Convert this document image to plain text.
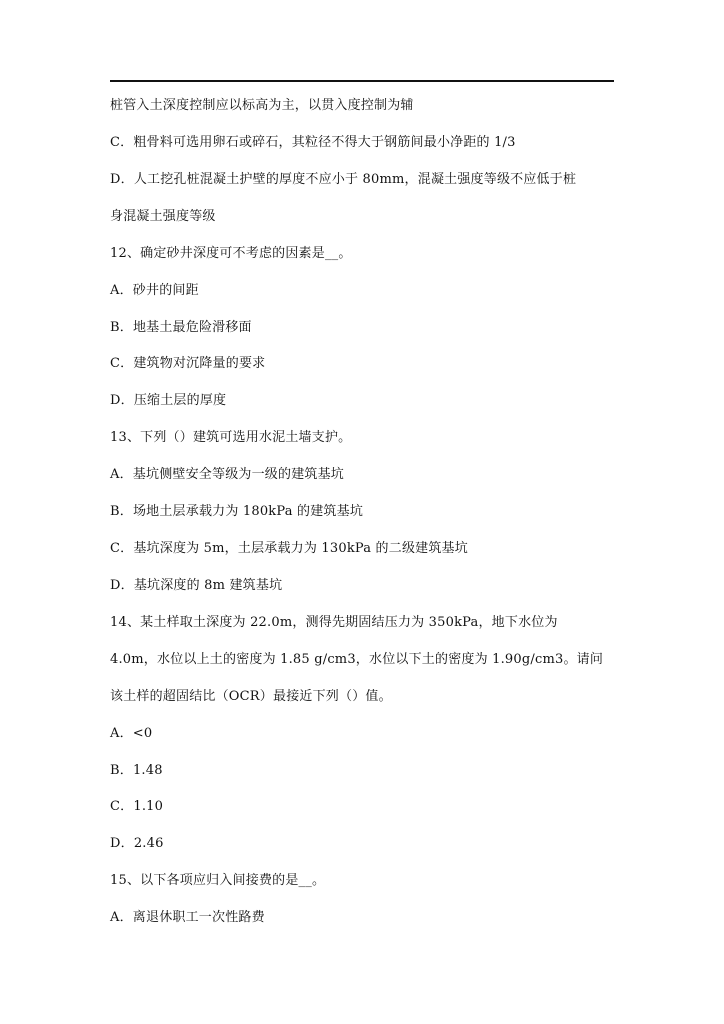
桩管入土深度控制应以标高为主，以贯入度控制为辅
C．粗骨料可选用卵石或碎石，其粒径不得大于钢筋间最小净距的 1/3
D．人工挖孔桩混凝土护壁的厚度不应小于 80mm，混凝土强度等级不应低于桩
身混凝土强度等级
12、确定砂井深度可不考虑的因素是__。
A．砂井的间距
B．地基土最危险滑移面
C．建筑物对沉降量的要求
D．压缩土层的厚度
13、下列（）建筑可选用水泥土墙支护。
A．基坑侧壁安全等级为一级的建筑基坑
B．场地土层承载力为 180kPa 的建筑基坑
C．基坑深度为 5m，土层承载力为 130kPa 的二级建筑基坑
D．基坑深度的 8m 建筑基坑
14、某土样取土深度为 22.0m，测得先期固结压力为 350kPa，地下水位为
4.0m，水位以上土的密度为 1.85 g/cm3，水位以下土的密度为 1.90g/cm3。请问
该土样的超固结比（OCR）最接近下列（）值。
A．<0
B．1.48
C．1.10
D．2.46
15、以下各项应归入间接费的是__。
A．离退休职工一次性路费
